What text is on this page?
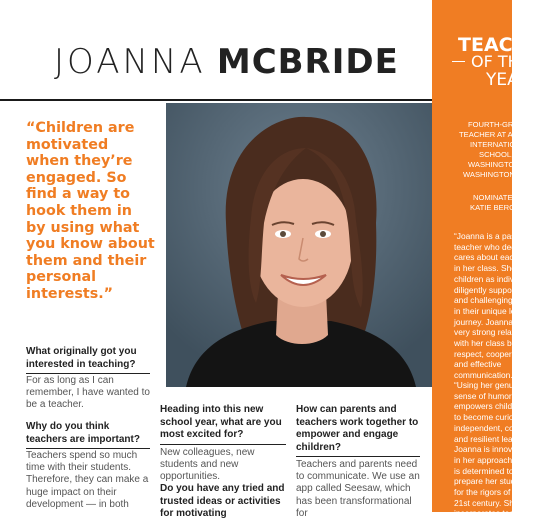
JOANNA MCBRIDE
“Children are motivated when they’re engaged. So find a way to hook them in by using what you know about them and their personal interests.”
What originally got you interested in teaching?
For as long as I can remember, I have wanted to be a teacher.
Why do you think teachers are important?
Teachers spend so much time with their students. Therefore, they can make a huge impact on their development — in both
Heading into this new school year, what are you most excited for?
New colleagues, new students and new opportunities.
Do you have any tried and trusted ideas or activities for motivating
How can parents and teachers work together to empower and engage children?
Teachers and parents need to communicate. We use an app called Seesaw, which has been transformational for
TEACHER
OF THE
YEAR
FOURTH-GRADE
TEACHER AT ACES
INTERNATIONAL
SCHOOL,
WASHINGTON,
WASHINGTON, D.C.
NOMINATED BY
KATIE BERGER
“Joanna is a passionate
teacher who deeply
cares about each child
in her class. She sees
children as individuals,
diligently supporting
and challenging them
in their unique learning
journey. Joanna has a
very strong relationship
with her class built on
respect, cooperation
and effective
communication.”
“Using her genuine
sense of humor, she
empowers children
to become curious,
independent, confident
and resilient learners.
Joanna is innovative
in her approach and
is determined to
prepare her students
for the rigors of the
21st century. She
incorporates technology
